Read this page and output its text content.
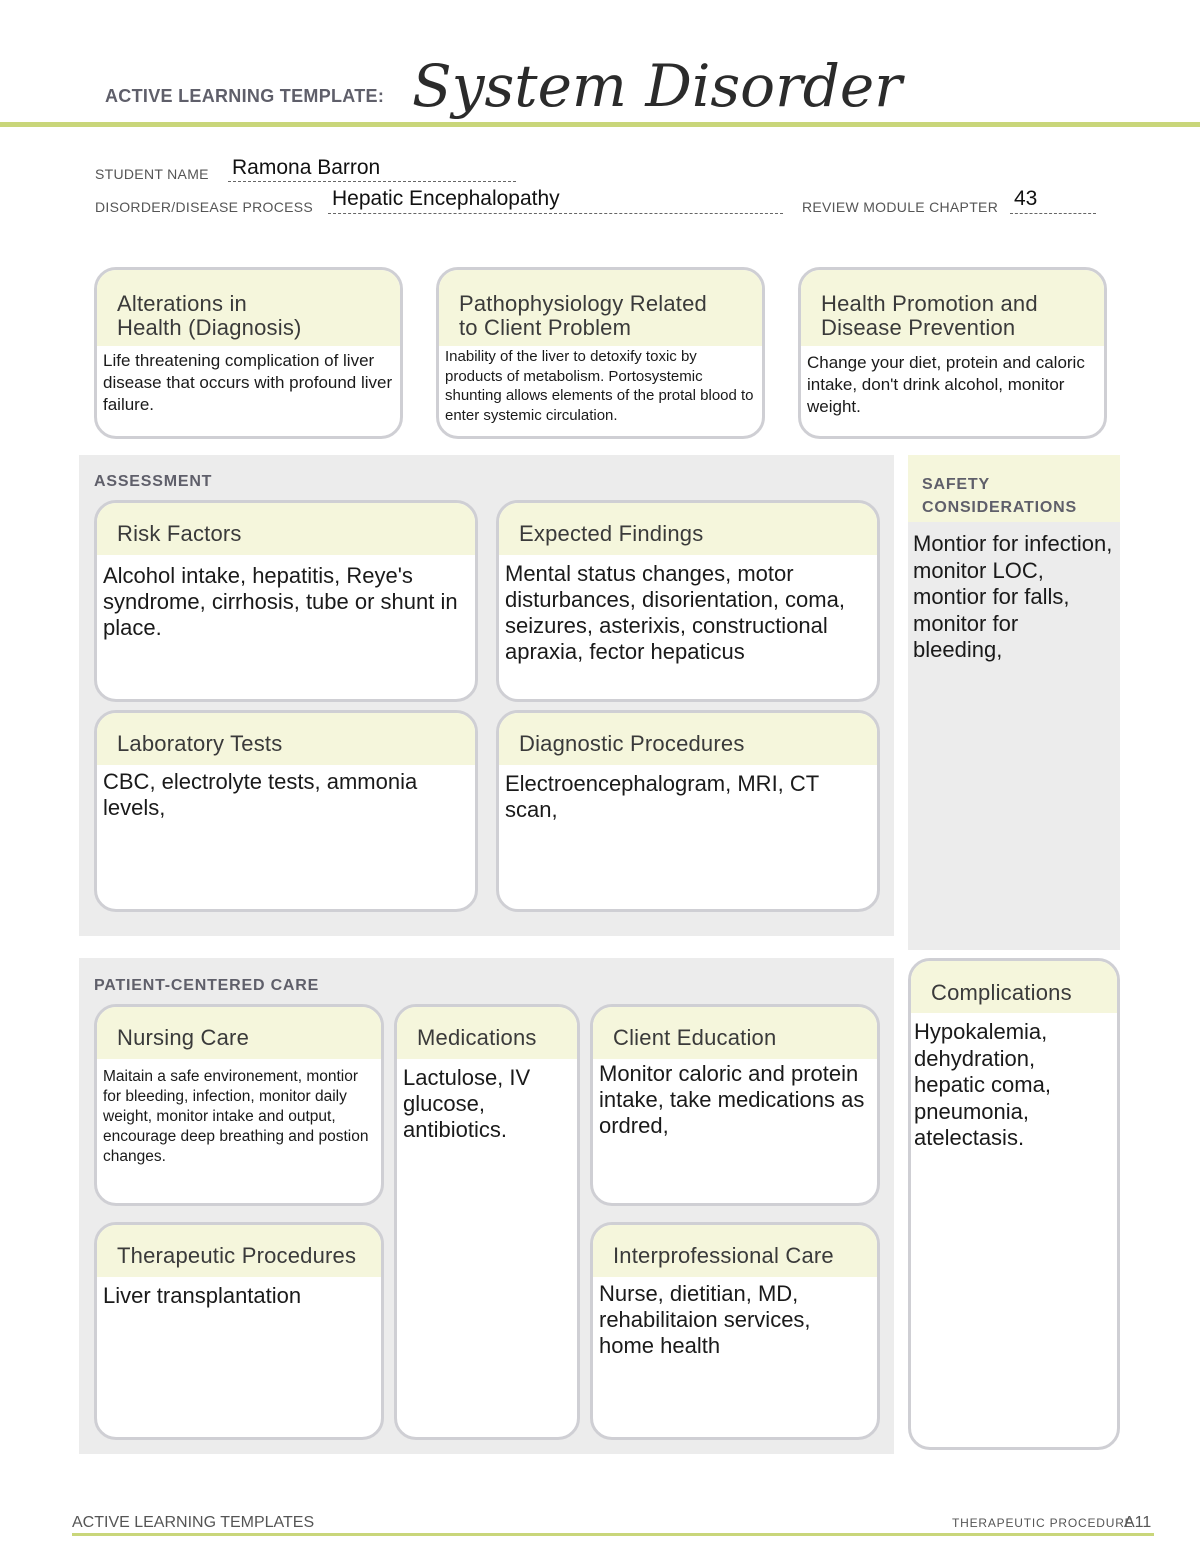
ACTIVE LEARNING TEMPLATE: System Disorder
STUDENT NAME Ramona Barron
DISORDER/DISEASE PROCESS Hepatic Encephalopathy	REVIEW MODULE CHAPTER 43
Alterations in
Health (Diagnosis)
Life threatening complication of liver disease that occurs with profound liver failure.
Pathophysiology Related
to Client Problem
Inability of the liver to detoxify toxic by products of metabolism. Portosystemic shunting allows elements of the protal blood to enter systemic circulation.
Health Promotion and
Disease Prevention
Change your diet, protein and caloric intake, don't drink alcohol, monitor weight.
ASSESSMENT
Risk Factors
Alcohol intake, hepatitis, Reye's syndrome, cirrhosis, tube or shunt in place.
Expected Findings
Mental status changes, motor disturbances, disorientation, coma, seizures, asterixis, constructional apraxia, fector hepaticus
Laboratory Tests
CBC, electrolyte tests, ammonia levels,
Diagnostic Procedures
Electroencephalogram, MRI, CT scan,
SAFETY
CONSIDERATIONS
Montior for infection, monitor LOC, montior for falls, monitor for bleeding,
PATIENT-CENTERED CARE
Nursing Care
Maitain a safe environement, montior for bleeding, infection, monitor daily weight, monitor intake and output, encourage deep breathing and postion changes.
Medications
Lactulose, IV glucose, antibiotics.
Client Education
Monitor caloric and protein intake, take medications as ordred,
Therapeutic Procedures
Liver transplantation
Interprofessional Care
Nurse, dietitian, MD, rehabilitaion services, home health
Complications
Hypokalemia, dehydration, hepatic coma, pneumonia, atelectasis.
ACTIVE LEARNING TEMPLATES	THERAPEUTIC PROCEDURE
A11
